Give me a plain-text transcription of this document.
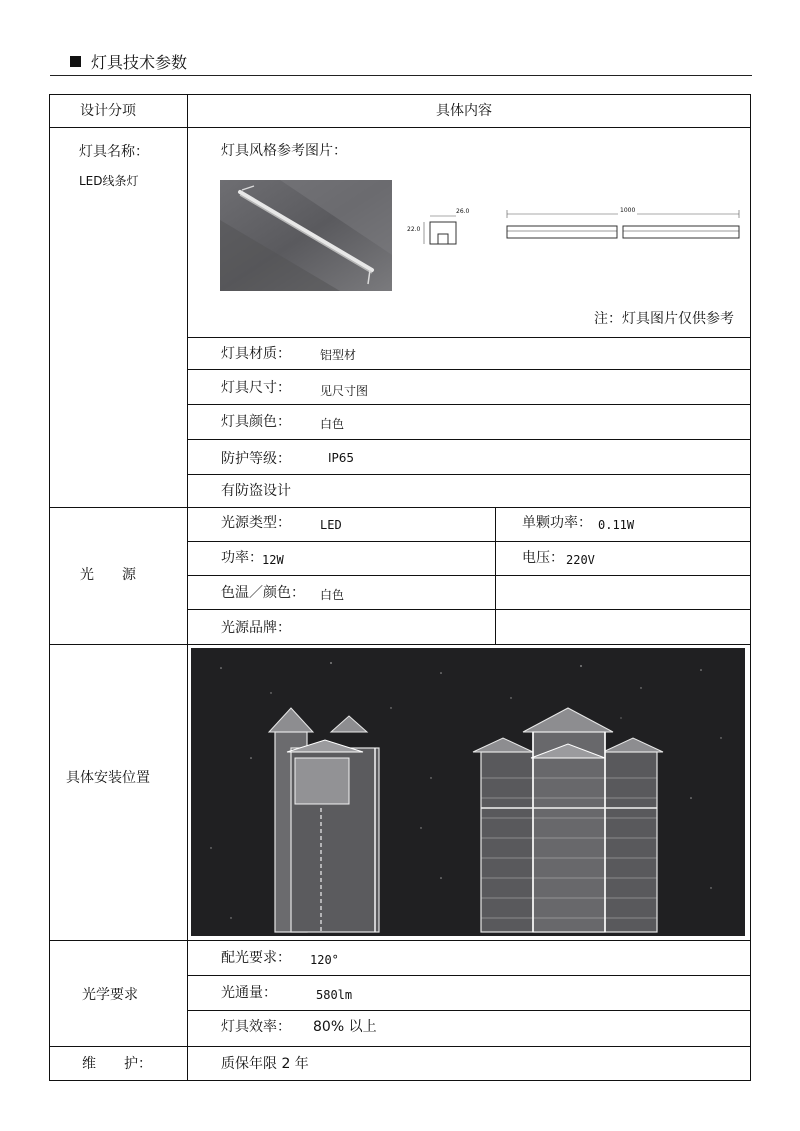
灯具技术参数
设计分项	具体内容
灯具名称：
LED线条灯
灯具风格参考图片：
26.0
22.0
1000
注：灯具图片仅供参考
灯具材质： 铝型材
灯具尺寸： 见尺寸图
灯具颜色： 白色
防护等级：	IP65
有防盗设计
光　　源
光源类型： LED	单颗功率： 0.11W
功率： 12W	电压： 220V
色温／颜色： 白色
光源品牌：
具体安装位置
光学要求
配光要求： 120°
光通量：	580lm
灯具效率： 80% 以上
维　　护：	质保年限 2 年
